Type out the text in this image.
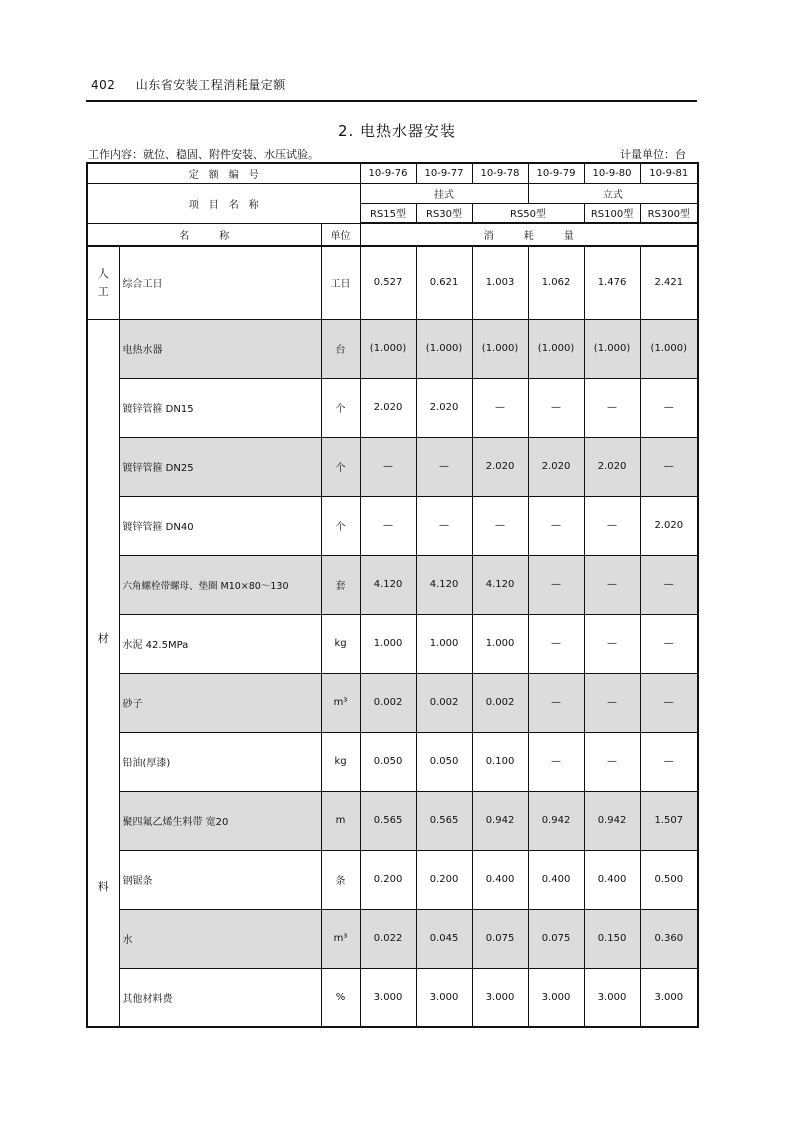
402 山东省安装工程消耗量定额
2. 电热水器安装
工作内容：就位、稳固、附件安装、水压试验。	计量单位：台
定　额　编　号			10-9-76	10-9-77	10-9-78	10-9-79	10-9-80	10-9-81
项　目　名　称			挂式			立式		
			RS15型	RS30型	RS50型		RS100型	RS300型
名　　　称		单位	消　　　耗　　　量					

人
工	综合工日	工日	0.527	0.621	1.003	1.062	1.476	2.421

材
料	电热水器	台	(1.000)	(1.000)	(1.000)	(1.000)	(1.000)	(1.000)
	镀锌管箍 DN15	个	2.020	2.020	—	—	—	—
	镀锌管箍 DN25	个	—	—	2.020	2.020	2.020	—
	镀锌管箍 DN40	个	—	—	—	—	—	2.020
	六角螺栓带螺母、垫圈 M10×80～130	套	4.120	4.120	4.120	—	—	—
	水泥 42.5MPa	kg	1.000	1.000	1.000	—	—	—
	砂子	m³	0.002	0.002	0.002	—	—	—
	铅油(厚漆)	kg	0.050	0.050	0.100	—	—	—
	聚四氟乙烯生料带 宽20	m	0.565	0.565	0.942	0.942	0.942	1.507
	钢锯条	条	0.200	0.200	0.400	0.400	0.400	0.500
	水	m³	0.022	0.045	0.075	0.075	0.150	0.360
	其他材料费	%	3.000	3.000	3.000	3.000	3.000	3.000
